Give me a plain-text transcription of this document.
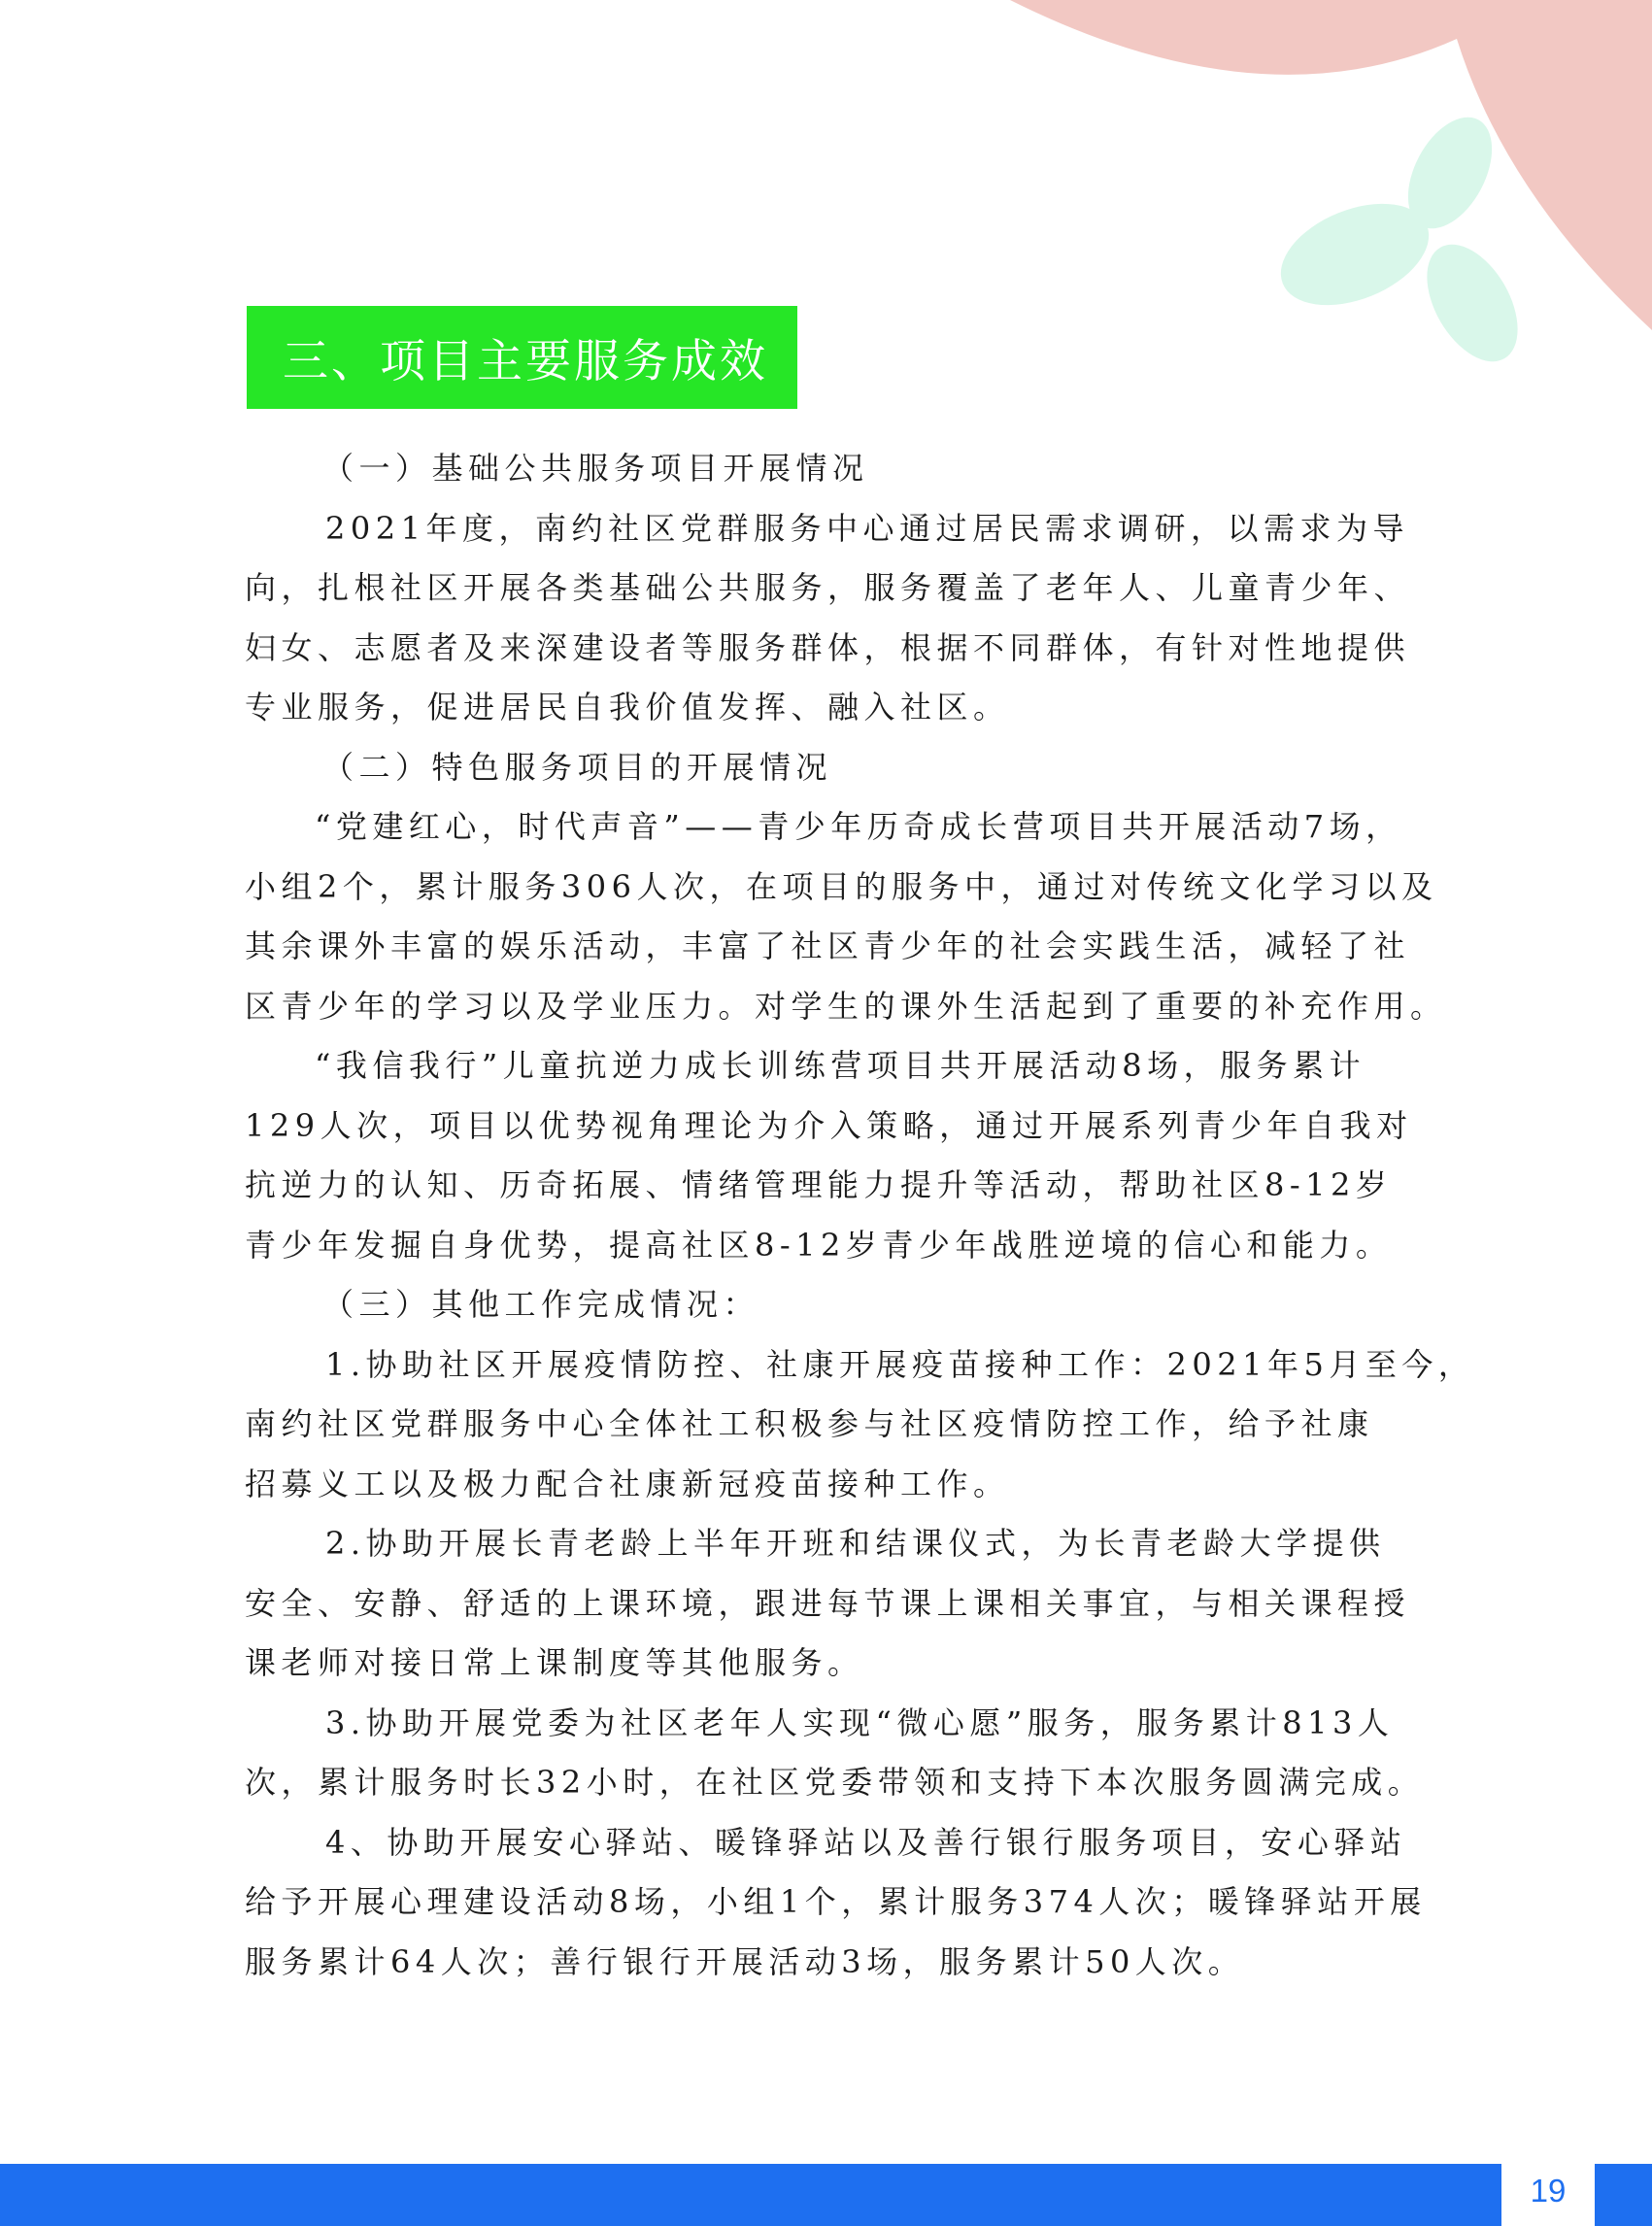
三、项目主要服务成效

（一）基础公共服务项目开展情况

2021年度，南约社区党群服务中心通过居民需求调研，以需求为导

向，扎根社区开展各类基础公共服务，服务覆盖了老年人、儿童青少年、

妇女、志愿者及来深建设者等服务群体，根据不同群体，有针对性地提供

专业服务，促进居民自我价值发挥、融入社区。

（二）特色服务项目的开展情况

“党建红心，时代声音”——青少年历奇成长营项目共开展活动7场，

小组2个，累计服务306人次，在项目的服务中，通过对传统文化学习以及

其余课外丰富的娱乐活动，丰富了社区青少年的社会实践生活，减轻了社

区青少年的学习以及学业压力。对学生的课外生活起到了重要的补充作用。

“我信我行”儿童抗逆力成长训练营项目共开展活动8场，服务累计

129人次，项目以优势视角理论为介入策略，通过开展系列青少年自我对

抗逆力的认知、历奇拓展、情绪管理能力提升等活动，帮助社区8-12岁

青少年发掘自身优势，提高社区8-12岁青少年战胜逆境的信心和能力。

（三）其他工作完成情况：

1.协助社区开展疫情防控、社康开展疫苗接种工作：2021年5月至今，

南约社区党群服务中心全体社工积极参与社区疫情防控工作，给予社康

招募义工以及极力配合社康新冠疫苗接种工作。

2.协助开展长青老龄上半年开班和结课仪式，为长青老龄大学提供

安全、安静、舒适的上课环境，跟进每节课上课相关事宜，与相关课程授

课老师对接日常上课制度等其他服务。

3.协助开展党委为社区老年人实现“微心愿”服务，服务累计813人

次，累计服务时长32小时，在社区党委带领和支持下本次服务圆满完成。

4、协助开展安心驿站、暖锋驿站以及善行银行服务项目，安心驿站

给予开展心理建设活动8场，小组1个，累计服务374人次；暖锋驿站开展

服务累计64人次；善行银行开展活动3场，服务累计50人次。

19
